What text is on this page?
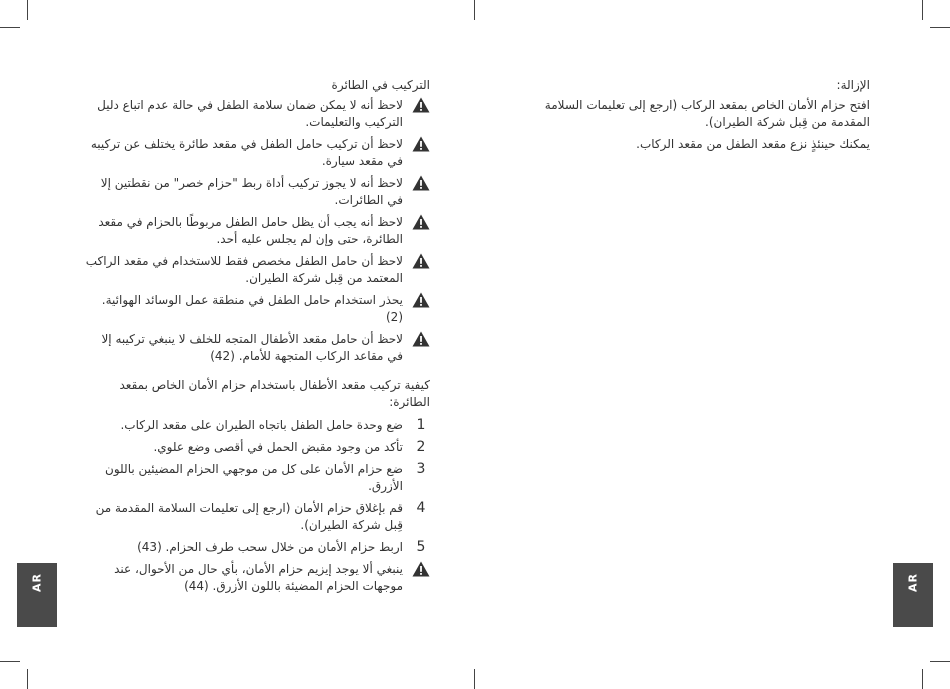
التركيب في الطائرة
لاحظ أنه لا يمكن ضمان سلامة الطفل في حالة عدم اتباع دليل التركيب والتعليمات.
لاحظ أن تركيب حامل الطفل في مقعد طائرة يختلف عن تركيبه في مقعد سيارة.
لاحظ أنه لا يجوز تركيب أداة ربط "حزام خصر" من نقطتين إلا في الطائرات.
لاحظ أنه يجب أن يظل حامل الطفل مربوطًا بالحزام في مقعد الطائرة، حتى وإن لم يجلس عليه أحد.
لاحظ أن حامل الطفل مخصص فقط للاستخدام في مقعد الراكب المعتمد من قِبل شركة الطيران.
يحذر استخدام حامل الطفل في منطقة عمل الوسائد الهوائية. (2)
لاحظ أن حامل مقعد الأطفال المتجه للخلف لا ينبغي تركيبه إلا في مقاعد الركاب المتجهة للأمام. (42)
كيفية تركيب مقعد الأطفال باستخدام حزام الأمان الخاص بمقعد الطائرة:
1
ضع وحدة حامل الطفل باتجاه الطيران على مقعد الركاب.
2
تأكد من وجود مقبض الحمل في أقصى وضع علوي.
3
ضع حزام الأمان على كل من موجهي الحزام المضيئين باللون الأزرق.
4
قم بإغلاق حزام الأمان (ارجع إلى تعليمات السلامة المقدمة من قِبل شركة الطيران).
5
اربط حزام الأمان من خلال سحب طرف الحزام. (43)
ينبغي ألا يوجد إيزيم حزام الأمان، بأي حال من الأحوال، عند موجهات الحزام المضيئة باللون الأزرق. (44)
الإزالة:
افتح حزام الأمان الخاص بمقعد الركاب (ارجع إلى تعليمات السلامة المقدمة من قِبل شركة الطيران).
يمكنك حينئذٍ نزع مقعد الطفل من مقعد الركاب.
AR	AR
